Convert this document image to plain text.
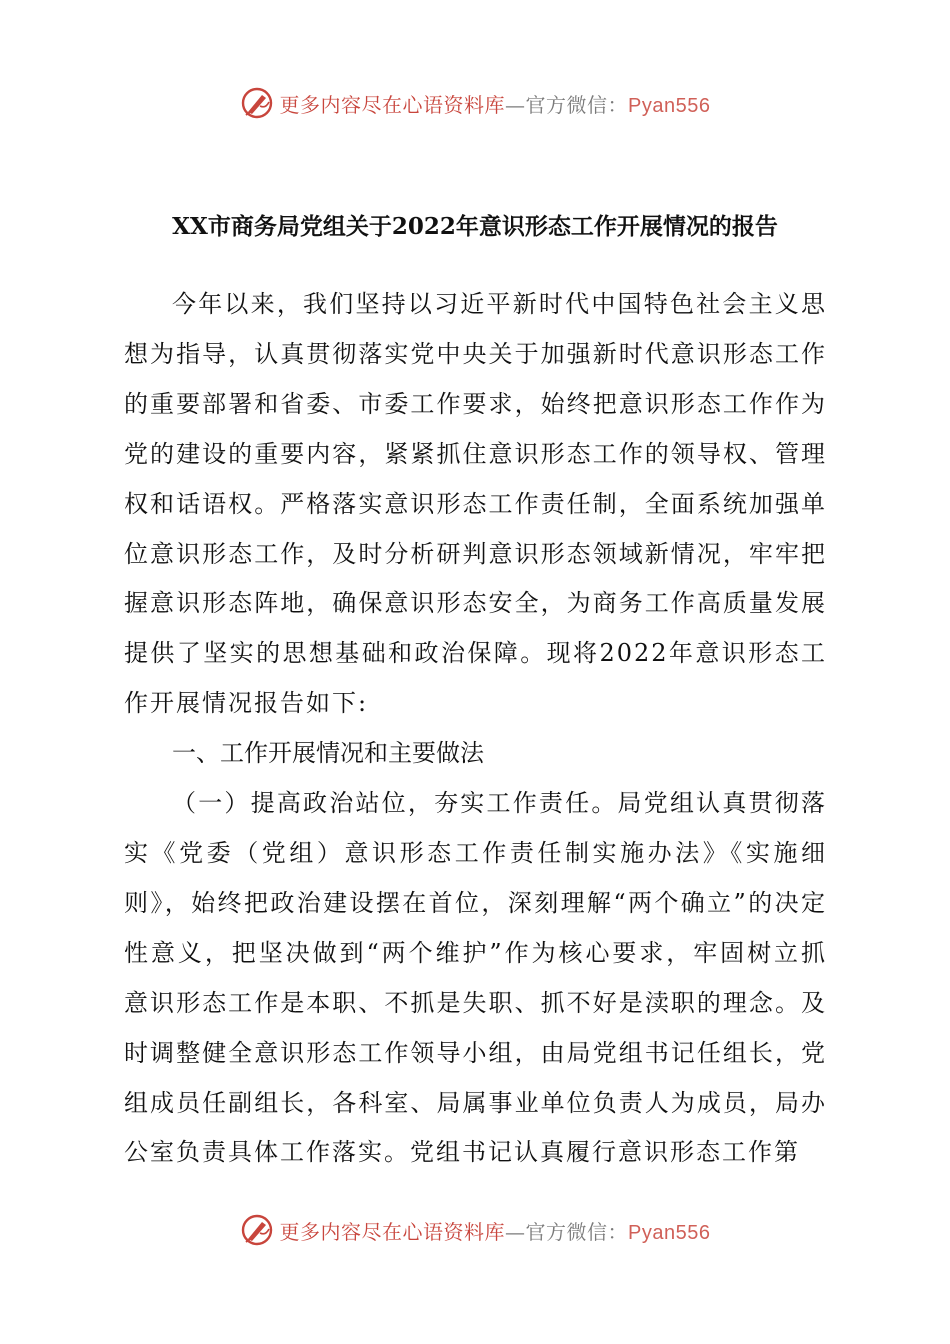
更多内容尽在心语资料库—官方微信：Pyan556
XX市商务局党组关于2022年意识形态工作开展情况的报告

今年以来，我们坚持以习近平新时代中国特色社会主义思想为指导，认真贯彻落实党中央关于加强新时代意识形态工作的重要部署和省委、市委工作要求，始终把意识形态工作作为党的建设的重要内容，紧紧抓住意识形态工作的领导权、管理权和话语权。严格落实意识形态工作责任制，全面系统加强单位意识形态工作，及时分析研判意识形态领域新情况，牢牢把握意识形态阵地，确保意识形态安全，为商务工作高质量发展提供了坚实的思想基础和政治保障。现将2022年意识形态工作开展情况报告如下:

一、工作开展情况和主要做法

（一）提高政治站位，夯实工作责任。局党组认真贯彻落实《党委（党组）意识形态工作责任制实施办法》《实施细则》，始终把政治建设摆在首位，深刻理解“两个确立”的决定性意义，把坚决做到“两个维护”作为核心要求，牢固树立抓意识形态工作是本职、不抓是失职、抓不好是渎职的理念。及时调整健全意识形态工作领导小组，由局党组书记任组长，党组成员任副组长，各科室、局属事业单位负责人为成员，局办公室负责具体工作落实。党组书记认真履行意识形态工作第

更多内容尽在心语资料库—官方微信：Pyan556
